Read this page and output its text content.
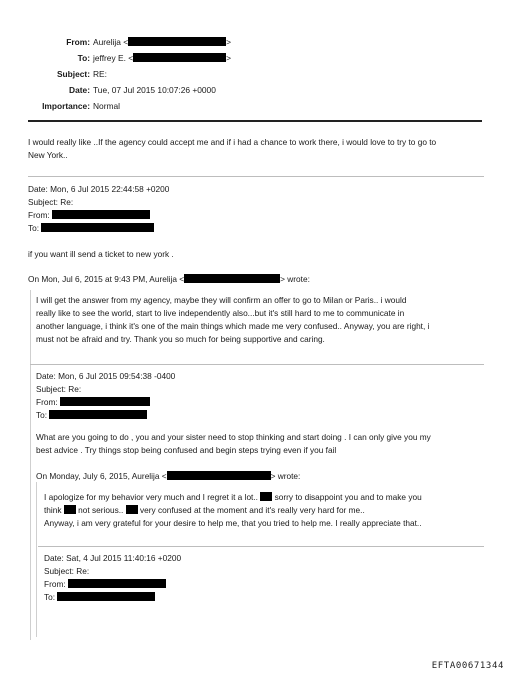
From: Aurelija <	>
To: jeffrey E. <	>
Subject: RE:
Date: Tue, 07 Jul 2015 10:07:26 +0000
Importance: Normal
I would really like ..If the agency could accept me and if i had a chance to work there, i would love to try to go to
New York..
Date: Mon, 6 Jul 2015 22:44:58 +0200
Subject: Re:
From:
To:
if you want ill send a ticket to new york .
On Mon, Jul 6, 2015 at 9:43 PM, Aurelija <	> wrote:
I will get the answer from my agency, maybe they will confirm an offer to go to Milan or Paris.. i would
really like to see the world, start to live independently also...but it's still hard to me to communicate in
another language, i think it's one of the main things which made me very confused.. Anyway, you are right, i
must not be afraid and try. Thank you so much for being supportive and caring.
Date: Mon, 6 Jul 2015 09:54:38 -0400
Subject: Re:
From:
To:
What are you going to do , you and your sister need to stop thinking and start doing . I can only give you my
best advice . Try things stop being confused and begin steps trying even if you fail
On Monday, July 6, 2015, Aurelija <	> wrote:
I apologize for my behavior very much and I regret it a lot.. sorry to disappoint you and to make you
think not serious.. very confused at the moment and it's really very hard for me..
Anyway, i am very grateful for your desire to help me, that you tried to help me. I really appreciate that..
Date: Sat, 4 Jul 2015 11:40:16 +0200
Subject: Re:
From:
To:
EFTA00671344
